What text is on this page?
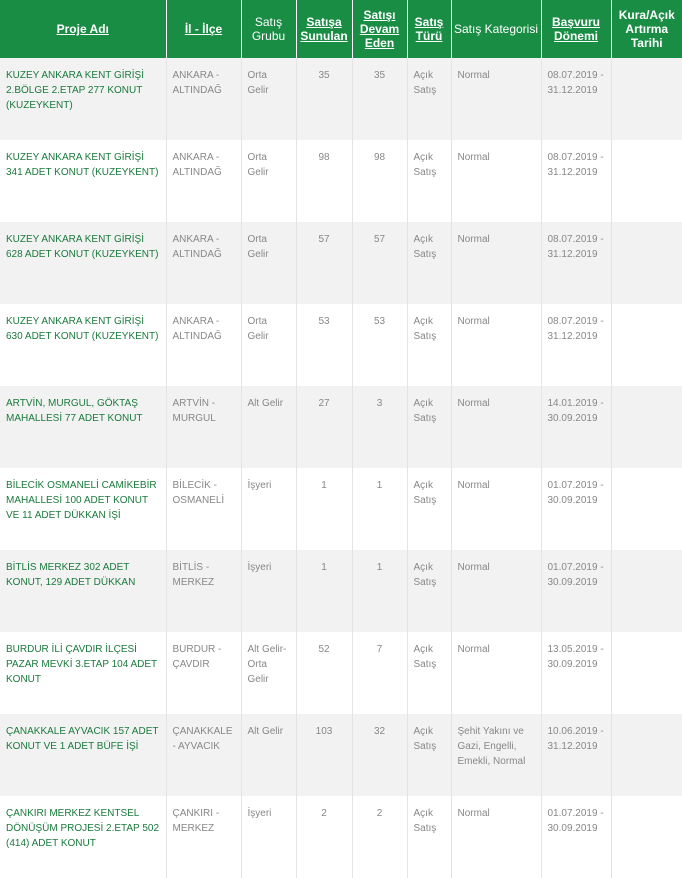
Proje Adı	İl - İlçe	Satış Grubu	Satışa Sunulan	Satışı Devam Eden	Satış Türü	Satış Kategorisi	Başvuru Dönemi	Kura/Açık Artırma Tarihi
KUZEY ANKARA KENT GİRİŞİ 2.BÖLGE 2.ETAP 277 KONUT (KUZEYKENT)	ANKARA - ALTINDAĞ	Orta Gelir	35	35	Açık Satış	Normal	08.07.2019 - 31.12.2019	
KUZEY ANKARA KENT GİRİŞİ 341 ADET KONUT (KUZEYKENT)	ANKARA - ALTINDAĞ	Orta Gelir	98	98	Açık Satış	Normal	08.07.2019 - 31.12.2019	
KUZEY ANKARA KENT GİRİŞİ 628 ADET KONUT (KUZEYKENT)	ANKARA - ALTINDAĞ	Orta Gelir	57	57	Açık Satış	Normal	08.07.2019 - 31.12.2019	
KUZEY ANKARA KENT GİRİŞİ 630 ADET KONUT (KUZEYKENT)	ANKARA - ALTINDAĞ	Orta Gelir	53	53	Açık Satış	Normal	08.07.2019 - 31.12.2019	
ARTVİN, MURGUL, GÖKTAŞ MAHALLESİ 77 ADET KONUT	ARTVİN - MURGUL	Alt Gelir	27	3	Açık Satış	Normal	14.01.2019 - 30.09.2019	
BİLECİK OSMANELİ CAMİKEBİR MAHALLESİ 100 ADET KONUT VE 11 ADET DÜKKAN İŞİ	BİLECİK - OSMANELİ	İşyeri	1	1	Açık Satış	Normal	01.07.2019 - 30.09.2019	
BİTLİS MERKEZ 302 ADET KONUT, 129 ADET DÜKKAN	BİTLİS - MERKEZ	İşyeri	1	1	Açık Satış	Normal	01.07.2019 - 30.09.2019	
BURDUR İLİ ÇAVDIR İLÇESİ PAZAR MEVKİ 3.ETAP 104 ADET KONUT	BURDUR - ÇAVDIR	Alt Gelir-Orta Gelir	52	7	Açık Satış	Normal	13.05.2019 - 30.09.2019	
ÇANAKKALE AYVACIK 157 ADET KONUT VE 1 ADET BÜFE İŞİ	ÇANAKKALE - AYVACIK	Alt Gelir	103	32	Açık Satış	Şehit Yakını ve Gazi, Engelli, Emekli, Normal	10.06.2019 - 31.12.2019	
ÇANKIRI MERKEZ KENTSEL DÖNÜŞÜM PROJESİ 2.ETAP 502 (414) ADET KONUT	ÇANKIRI - MERKEZ	İşyeri	2	2	Açık Satış	Normal	01.07.2019 - 30.09.2019	
